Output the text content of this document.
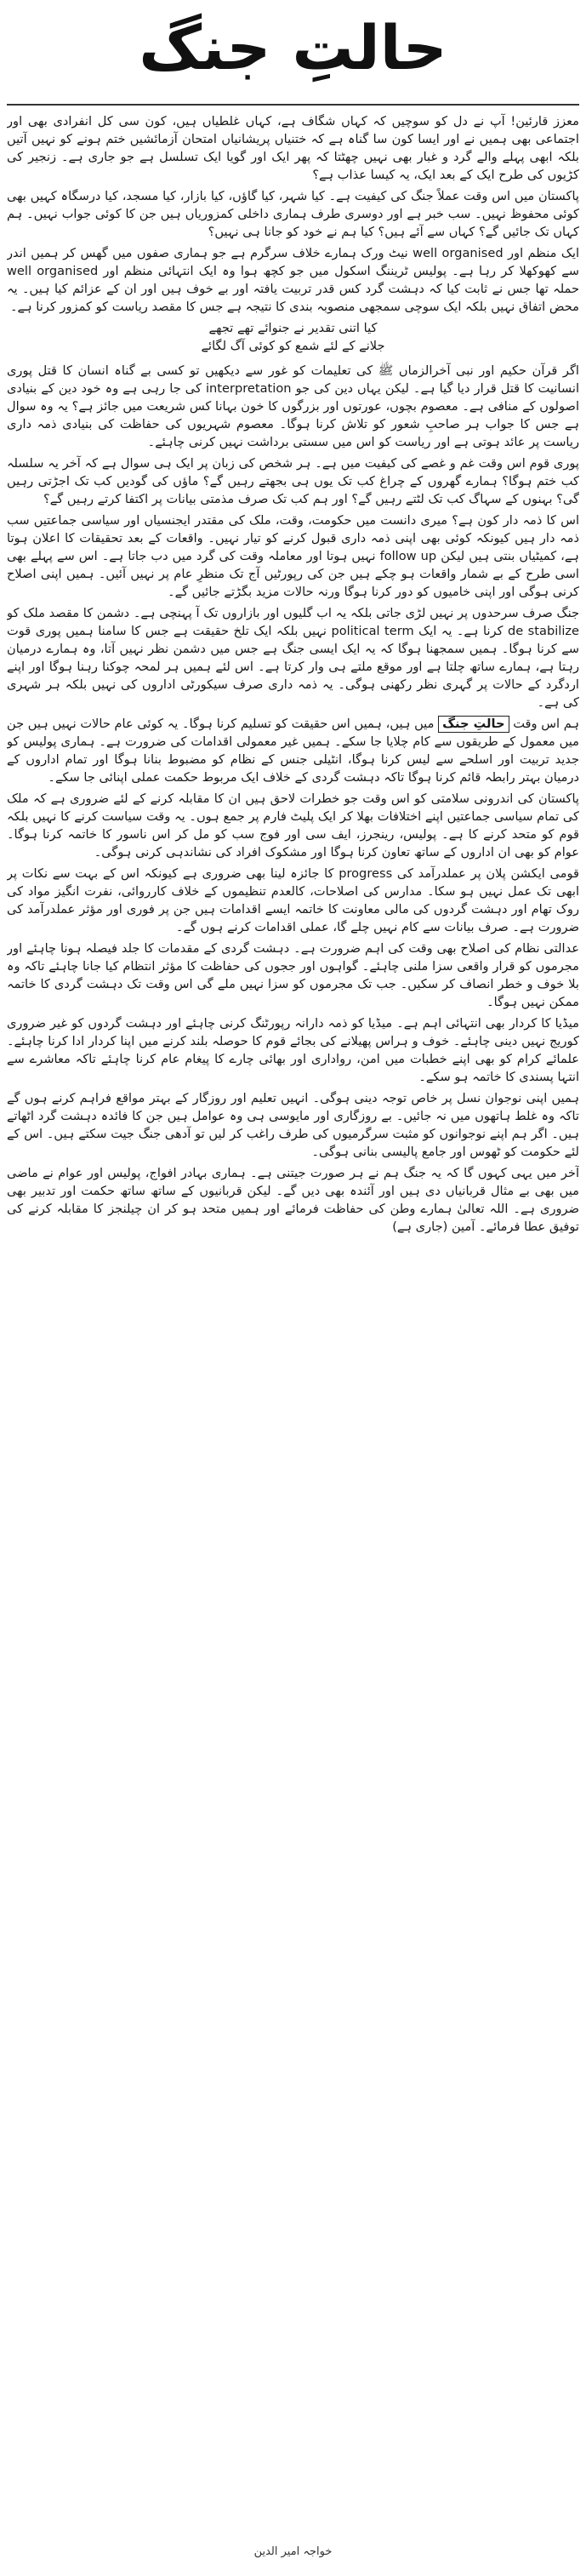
حالتِ جنگ

معزز قارئین! آپ نے دل کو سوچیں کہ کہاں شگاف ہے، کہاں غلطیاں ہیں، کون سی کل انفرادی بھی اور اجتماعی بھی ہمیں نے اور ایسا کون سا گناہ ہے کہ ختنیاں پریشانیاں امتحان آزمائشیں ختم ہونے کو نہیں آتیں بلکہ ابھی پہلے والے گرد و غبار بھی نہیں چھٹتا کہ پھر ایک اور گویا ایک تسلسل ہے جو جاری ہے۔ زنجیر کی کڑیوں کی طرح ایک کے بعد ایک، یہ کیسا عذاب ہے؟

پاکستان میں اس وقت عملاً جنگ کی کیفیت ہے۔ کیا شہر، کیا گاؤں، کیا بازار، کیا مسجد، کیا درسگاہ کہیں بھی کوئی محفوظ نہیں۔ سب خبر ہے اور دوسری طرف ہماری داخلی کمزوریاں ہیں جن کا کوئی جواب نہیں۔ ہم کہاں تک جائیں گے؟ کہاں سے آئے ہیں؟ کیا ہم نے خود کو جانا ہی نہیں؟

ایک منظم اور well organised نیٹ ورک ہمارے خلاف سرگرم ہے جو ہماری صفوں میں گھس کر ہمیں اندر سے کھوکھلا کر رہا ہے۔ پولیس ٹریننگ اسکول میں جو کچھ ہوا وہ ایک انتہائی منظم اور well organised حملہ تھا جس نے ثابت کیا کہ دہشت گرد کس قدر تربیت یافتہ اور بے خوف ہیں اور ان کے عزائم کیا ہیں۔ یہ محض اتفاق نہیں بلکہ ایک سوچی سمجھی منصوبہ بندی کا نتیجہ ہے جس کا مقصد ریاست کو کمزور کرنا ہے۔

کیا اتنی تقدیر نے جنوائے تھے تجھے
جلانے کے لئے شمع کو کوئی آگ لگائے

اگر قرآن حکیم اور نبی آخرالزماں ﷺ کی تعلیمات کو غور سے دیکھیں تو کسی بے گناہ انسان کا قتل پوری انسانیت کا قتل قرار دیا گیا ہے۔ لیکن یہاں دین کی جو interpretation کی جا رہی ہے وہ خود دین کے بنیادی اصولوں کے منافی ہے۔ معصوم بچوں، عورتوں اور بزرگوں کا خون بہانا کس شریعت میں جائز ہے؟ یہ وہ سوال ہے جس کا جواب ہر صاحبِ شعور کو تلاش کرنا ہوگا۔ معصوم شہریوں کی حفاظت کی بنیادی ذمہ داری ریاست پر عائد ہوتی ہے اور ریاست کو اس میں سستی برداشت نہیں کرنی چاہئے۔

پوری قوم اس وقت غم و غصے کی کیفیت میں ہے۔ ہر شخص کی زبان پر ایک ہی سوال ہے کہ آخر یہ سلسلہ کب ختم ہوگا؟ ہمارے گھروں کے چراغ کب تک یوں ہی بجھتے رہیں گے؟ ماؤں کی گودیں کب تک اجڑتی رہیں گی؟ بہنوں کے سہاگ کب تک لٹتے رہیں گے؟ اور ہم کب تک صرف مذمتی بیانات پر اکتفا کرتے رہیں گے؟

اس کا ذمہ دار کون ہے؟ میری دانست میں حکومت، وقت، ملک کی مقتدر ایجنسیاں اور سیاسی جماعتیں سب ذمہ دار ہیں کیونکہ کوئی بھی اپنی ذمہ داری قبول کرنے کو تیار نہیں۔ واقعات کے بعد تحقیقات کا اعلان ہوتا ہے، کمیٹیاں بنتی ہیں لیکن follow up نہیں ہوتا اور معاملہ وقت کی گرد میں دب جاتا ہے۔ اس سے پہلے بھی اسی طرح کے بے شمار واقعات ہو چکے ہیں جن کی رپورٹیں آج تک منظرِ عام پر نہیں آئیں۔ ہمیں اپنی اصلاح کرنی ہوگی اور اپنی خامیوں کو دور کرنا ہوگا ورنہ حالات مزید بگڑتے جائیں گے۔

جنگ صرف سرحدوں پر نہیں لڑی جاتی بلکہ یہ اب گلیوں اور بازاروں تک آ پہنچی ہے۔ دشمن کا مقصد ملک کو de stabilize کرنا ہے۔ یہ ایک political term نہیں بلکہ ایک تلخ حقیقت ہے جس کا سامنا ہمیں پوری قوت سے کرنا ہوگا۔ ہمیں سمجھنا ہوگا کہ یہ ایک ایسی جنگ ہے جس میں دشمن نظر نہیں آتا، وہ ہمارے درمیان رہتا ہے، ہمارے ساتھ چلتا ہے اور موقع ملتے ہی وار کرتا ہے۔ اس لئے ہمیں ہر لمحہ چوکنا رہنا ہوگا اور اپنے اردگرد کے حالات پر گہری نظر رکھنی ہوگی۔ یہ ذمہ داری صرف سیکورٹی اداروں کی نہیں بلکہ ہر شہری کی ہے۔

ہم اس وقت حالتِ جنگ میں ہیں، ہمیں اس حقیقت کو تسلیم کرنا ہوگا۔ یہ کوئی عام حالات نہیں ہیں جن میں معمول کے طریقوں سے کام چلایا جا سکے۔ ہمیں غیر معمولی اقدامات کی ضرورت ہے۔ ہماری پولیس کو جدید تربیت اور اسلحے سے لیس کرنا ہوگا، انٹیلی جنس کے نظام کو مضبوط بنانا ہوگا اور تمام اداروں کے درمیان بہتر رابطہ قائم کرنا ہوگا تاکہ دہشت گردی کے خلاف ایک مربوط حکمت عملی اپنائی جا سکے۔

پاکستان کی اندرونی سلامتی کو اس وقت جو خطرات لاحق ہیں ان کا مقابلہ کرنے کے لئے ضروری ہے کہ ملک کی تمام سیاسی جماعتیں اپنے اختلافات بھلا کر ایک پلیٹ فارم پر جمع ہوں۔ یہ وقت سیاست کرنے کا نہیں بلکہ قوم کو متحد کرنے کا ہے۔ پولیس، رینجرز، ایف سی اور فوج سب کو مل کر اس ناسور کا خاتمہ کرنا ہوگا۔ عوام کو بھی ان اداروں کے ساتھ تعاون کرنا ہوگا اور مشکوک افراد کی نشاندہی کرنی ہوگی۔

قومی ایکشن پلان پر عملدرآمد کی progress کا جائزہ لینا بھی ضروری ہے کیونکہ اس کے بہت سے نکات پر ابھی تک عمل نہیں ہو سکا۔ مدارس کی اصلاحات، کالعدم تنظیموں کے خلاف کارروائی، نفرت انگیز مواد کی روک تھام اور دہشت گردوں کی مالی معاونت کا خاتمہ ایسے اقدامات ہیں جن پر فوری اور مؤثر عملدرآمد کی ضرورت ہے۔ صرف بیانات سے کام نہیں چلے گا، عملی اقدامات کرنے ہوں گے۔

عدالتی نظام کی اصلاح بھی وقت کی اہم ضرورت ہے۔ دہشت گردی کے مقدمات کا جلد فیصلہ ہونا چاہئے اور مجرموں کو قرار واقعی سزا ملنی چاہئے۔ گواہوں اور ججوں کی حفاظت کا مؤثر انتظام کیا جانا چاہئے تاکہ وہ بلا خوف و خطر انصاف کر سکیں۔ جب تک مجرموں کو سزا نہیں ملے گی اس وقت تک دہشت گردی کا خاتمہ ممکن نہیں ہوگا۔

میڈیا کا کردار بھی انتہائی اہم ہے۔ میڈیا کو ذمہ دارانہ رپورٹنگ کرنی چاہئے اور دہشت گردوں کو غیر ضروری کوریج نہیں دینی چاہئے۔ خوف و ہراس پھیلانے کی بجائے قوم کا حوصلہ بلند کرنے میں اپنا کردار ادا کرنا چاہئے۔ علمائے کرام کو بھی اپنے خطبات میں امن، رواداری اور بھائی چارے کا پیغام عام کرنا چاہئے تاکہ معاشرے سے انتہا پسندی کا خاتمہ ہو سکے۔

ہمیں اپنی نوجوان نسل پر خاص توجہ دینی ہوگی۔ انہیں تعلیم اور روزگار کے بہتر مواقع فراہم کرنے ہوں گے تاکہ وہ غلط ہاتھوں میں نہ جائیں۔ بے روزگاری اور مایوسی ہی وہ عوامل ہیں جن کا فائدہ دہشت گرد اٹھاتے ہیں۔ اگر ہم اپنے نوجوانوں کو مثبت سرگرمیوں کی طرف راغب کر لیں تو آدھی جنگ جیت سکتے ہیں۔ اس کے لئے حکومت کو ٹھوس اور جامع پالیسی بنانی ہوگی۔

آخر میں یہی کہوں گا کہ یہ جنگ ہم نے ہر صورت جیتنی ہے۔ ہماری بہادر افواج، پولیس اور عوام نے ماضی میں بھی بے مثال قربانیاں دی ہیں اور آئندہ بھی دیں گے۔ لیکن قربانیوں کے ساتھ ساتھ حکمت اور تدبیر بھی ضروری ہے۔ اللہ تعالیٰ ہمارے وطن کی حفاظت فرمائے اور ہمیں متحد ہو کر ان چیلنجز کا مقابلہ کرنے کی توفیق عطا فرمائے۔ آمین (جاری ہے)

خواجہ امیر الدین
